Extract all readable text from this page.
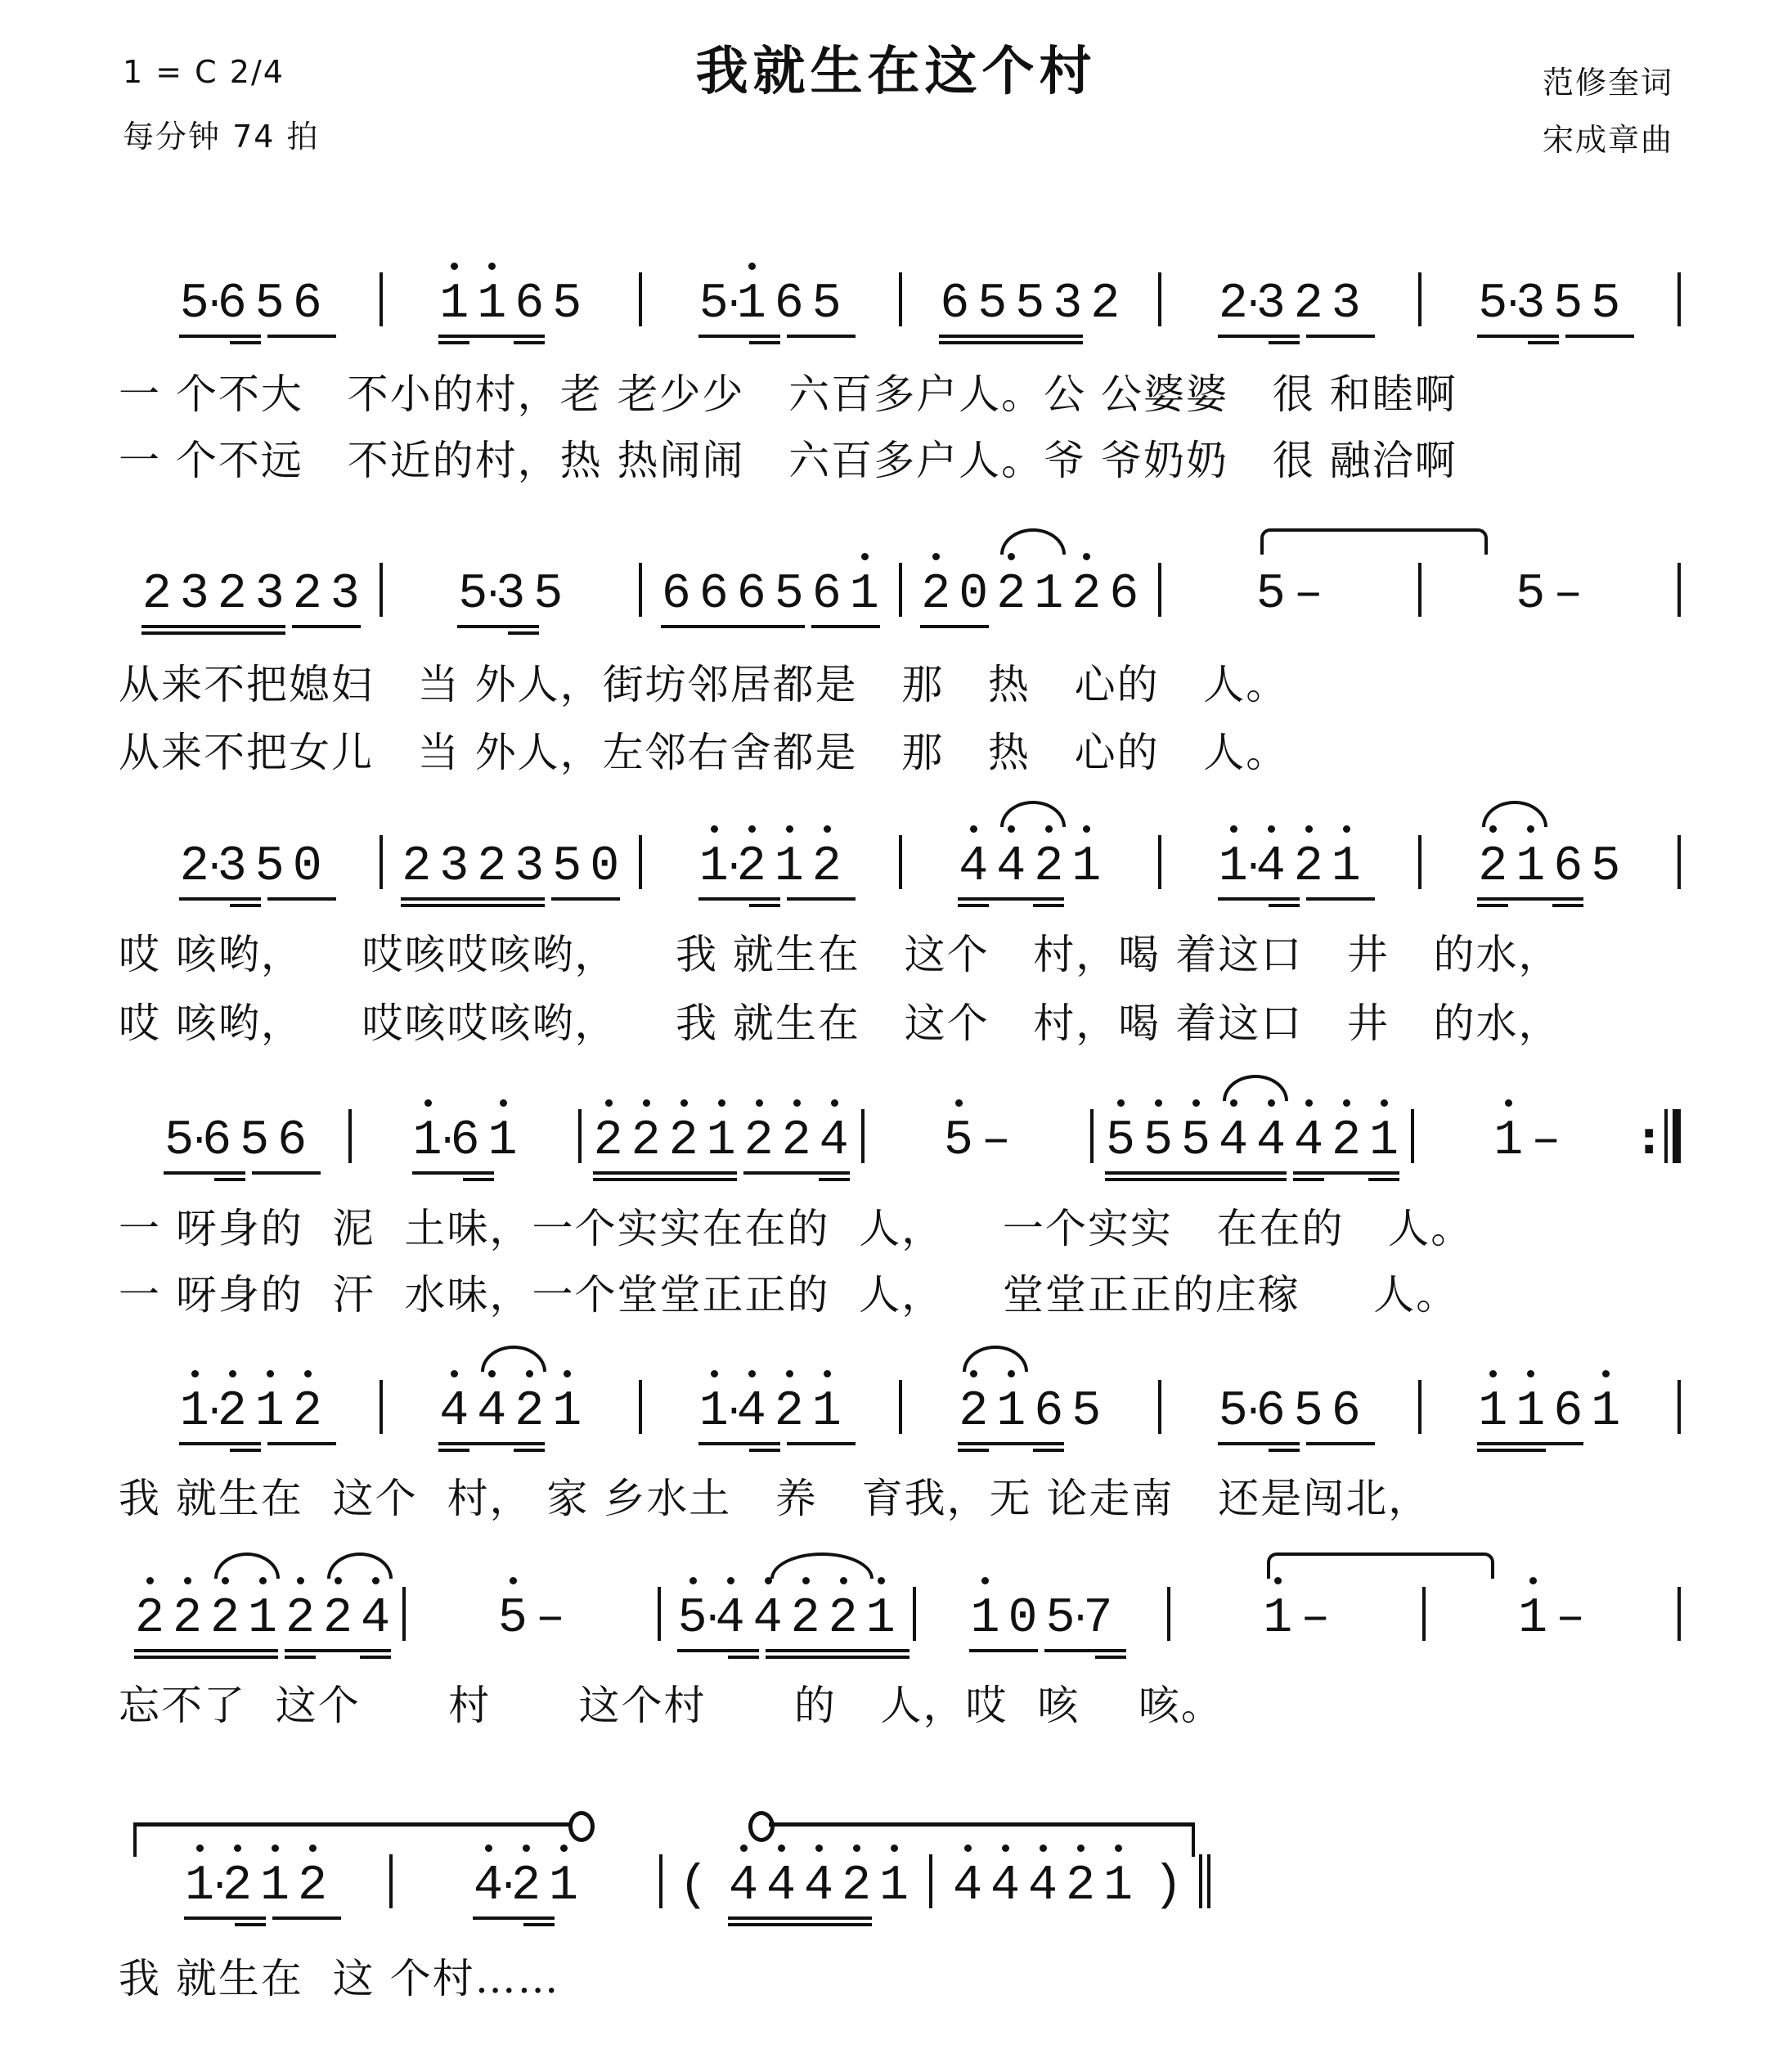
1 = C 2/4
每分钟 74 拍
我就生在这个村	范修奎词
宋成章曲
5 · 6 5 6 1 1 6 5 5 · 1 6 5 6 5 5 3 2 2 · 3 2 3 5 · 3 5 5
2 3 2 3 2 3 5 · 3 5 6 6 6 5 6 1 2 0 2 1 2 6 5 –	5 –
2 · 3 5 0 2 3 2 3 5 0 1
· 2 1 2 4 4 2 1 1
· 4 2 1 2 1 6 5
5 · 6 5 6 1
· 6 1 2 2 2 1 2 2 4 5 – 5 5 5 4 4 4 2 1 1 – :
1
· 2 1 2 4 4 2 1 1
· 4 2 1 2 1 6 5 5 · 6 5 6 1 1 6 1
2 2 2 1 2 2 4 5 – 5
· 4 4 2 2 1 1 0 5 · 7	1 –	1 –
1
· 2 1 2	4
· 2 1 ( 4 4 4 2 1 4 4 4 2 1 )
一 个不大   不小的村，老 老少少   六百多户人。公 公婆婆   很 和睦啊
一 个不远   不近的村，热 热闹闹   六百多户人。爷 爷奶奶   很 融洽啊
从来不把媳妇   当 外人，街坊邻居都是   那   热   心的   人。
从来不把女儿   当 外人，左邻右舍都是   那   热   心的   人。
哎 咳哟，    哎咳哎咳哟，    我 就生在   这个   村，喝 着这口   井   的水，
哎 咳哟，    哎咳哎咳哟，    我 就生在   这个   村，喝 着这口   井   的水，
一 呀身的  泥  土味，一个实实在在的  人，    一个实实   在在的   人。
一 呀身的  汗  水味，一个堂堂正正的  人，    堂堂正正的庄稼     人。
我 就生在  这个  村， 家 乡水土   养   育我，无 论走南   还是闯北，
忘不了  这个      村      这个村      的   人，哎  咳    咳。
我 就生在  这 个村……
